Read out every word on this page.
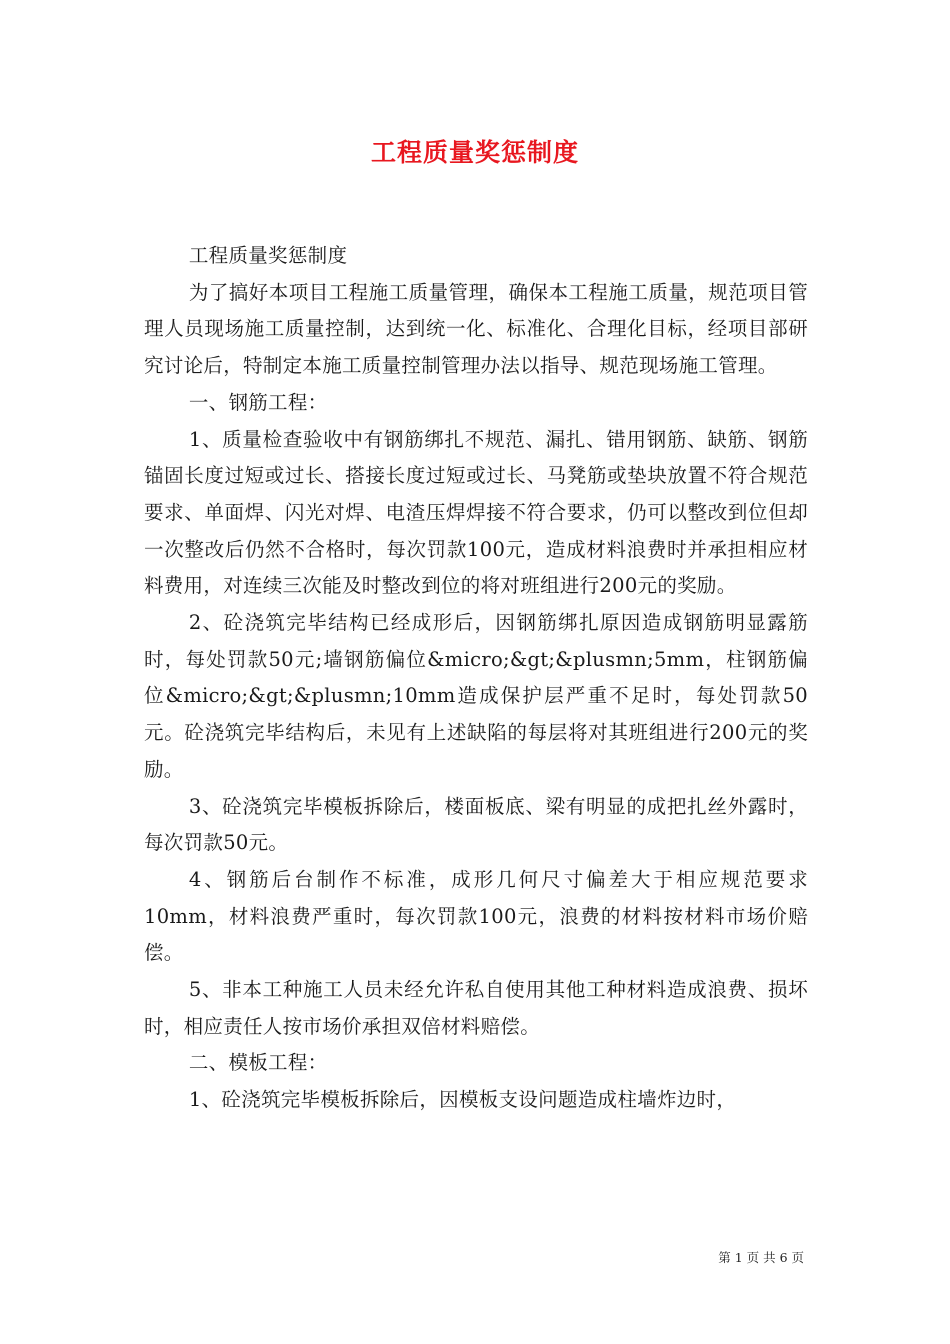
工程质量奖惩制度

工程质量奖惩制度

为了搞好本项目工程施工质量管理，确保本工程施工质量，规范项目管理人员现场施工质量控制，达到统一化、标准化、合理化目标，经项目部研究讨论后，特制定本施工质量控制管理办法以指导、规范现场施工管理。

一、钢筋工程：

1、质量检查验收中有钢筋绑扎不规范、漏扎、错用钢筋、缺筋、钢筋锚固长度过短或过长、搭接长度过短或过长、马凳筋或垫块放置不符合规范要求、单面焊、闪光对焊、电渣压焊焊接不符合要求，仍可以整改到位但却一次整改后仍然不合格时，每次罚款100元，造成材料浪费时并承担相应材料费用，对连续三次能及时整改到位的将对班组进行200元的奖励。

2、砼浇筑完毕结构已经成形后，因钢筋绑扎原因造成钢筋明显露筋时，每处罚款50元;墙钢筋偏位&micro;&gt;&plusmn;5mm，柱钢筋偏位&micro;&gt;&plusmn;10mm造成保护层严重不足时，每处罚款50元。砼浇筑完毕结构后，未见有上述缺陷的每层将对其班组进行200元的奖励。

3、砼浇筑完毕模板拆除后，楼面板底、梁有明显的成把扎丝外露时，每次罚款50元。

4、钢筋后台制作不标准，成形几何尺寸偏差大于相应规范要求10mm，材料浪费严重时，每次罚款100元，浪费的材料按材料市场价赔偿。

5、非本工种施工人员未经允许私自使用其他工种材料造成浪费、损坏时，相应责任人按市场价承担双倍材料赔偿。

二、模板工程：

1、砼浇筑完毕模板拆除后，因模板支设问题造成柱墙炸边时，

第 1 页 共 6 页
